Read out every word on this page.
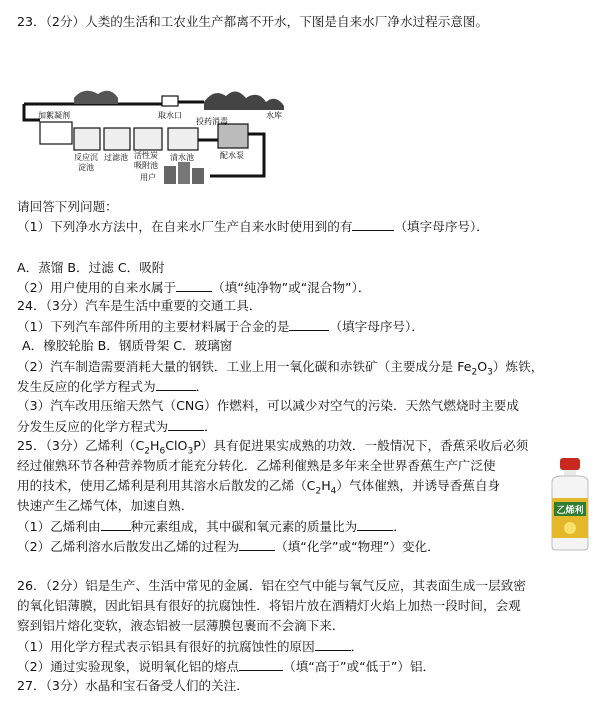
23．（2分）人类的生活和工农业生产都离不开水，下图是自来水厂净水过程示意图。
取水口	水库
加絮凝剂
投药消毒
反应沉
淀池
过滤池 活性炭
吸附池
清水池	配水泵
用户
请回答下列问题：
（1）下列净水方法中，在自来水厂生产自来水时使用到的有	（填字母序号）．
A．蒸馏 B．过滤 C．吸附
（2）用户使用的自来水属于	（填“纯净物”或“混合物”）．
24．（3分）汽车是生活中重要的交通工具．
（1）下列汽车部件所用的主要材料属于合金的是	（填字母序号）．
A．橡胶轮胎 B．钢质骨架 C．玻璃窗
（2）汽车制造需要消耗大量的钢铁．工业上用一氧化碳和赤铁矿（主要成分是 $Fe_2O_3$）炼铁，
发生反应的化学方程式为	．
（3）汽车改用压缩天然气（CNG）作燃料，可以减少对空气的污染．天然气燃烧时主要成
分发生反应的化学方程式为	．
25．（3分）乙烯利$(C_2H_6ClO_3P)$具有促进果实成熟的功效．一般情况下，香蕉采收后必须
经过催熟环节各种营养物质才能充分转化．乙烯利催熟是多年来全世界香蕉生产广泛使
用的技术，使用乙烯利是利用其溶水后散发的乙烯$(C_2H_4)$气体催熟，并诱导香蕉自身
快速产生乙烯气体，加速自熟．
（1）乙烯利由 种元素组成，其中碳和氧元素的质量比为	．
（2）乙烯利溶水后散发出乙烯的过程为	（填“化学”或“物理”）变化．
乙烯利
26．（2分）铝是生产、生活中常见的金属．铝在空气中能与氧气反应，其表面生成一层致密
的氧化铝薄膜，因此铝具有很好的抗腐蚀性．将铝片放在酒精灯火焰上加热一段时间，会观
察到铝片熔化变软，液态铝被一层薄膜包裹而不会滴下来．
（1）用化学方程式表示铝具有很好的抗腐蚀性的原因	．
（2）通过实验现象，说明氧化铝的熔点	（填“高于”或“低于”）铝．
27．（3分）水晶和宝石备受人们的关注．
